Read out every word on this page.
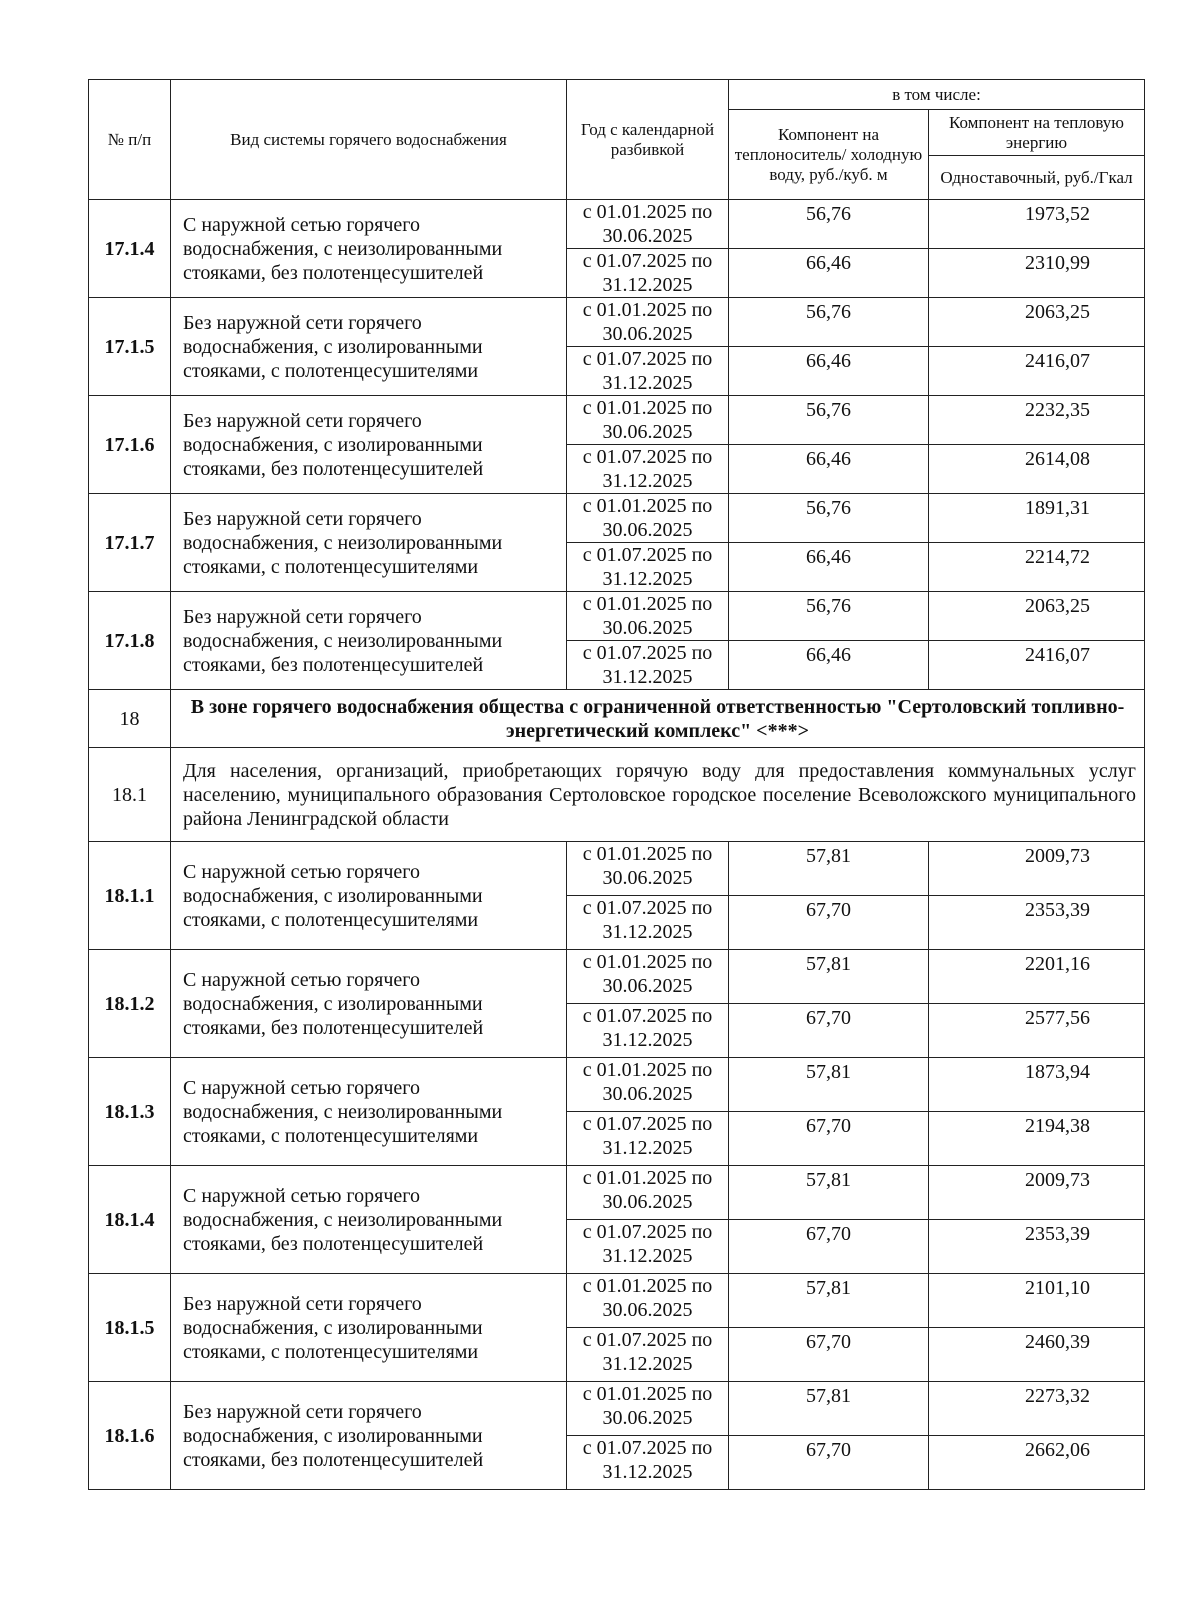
№ п/п	Вид системы горячего водоснабжения	Год с календарной разбивкой	в том числе:	
			Компонент на теплоноситель/ холодную воду, руб./куб. м	Компонент на тепловую энергию
				Одноставочный, руб./Гкал
17.1.4	С наружной сетью горячего водоснабжения, с неизолированными стояками, без полотенцесушителей	с 01.01.2025 по 30.06.2025	56,76	1973,52
		с 01.07.2025 по 31.12.2025	66,46	2310,99
17.1.5	Без наружной сети горячего водоснабжения, с изолированными стояками, с полотенцесушителями	с 01.01.2025 по 30.06.2025	56,76	2063,25
		с 01.07.2025 по 31.12.2025	66,46	2416,07
17.1.6	Без наружной сети горячего водоснабжения, с изолированными стояками, без полотенцесушителей	с 01.01.2025 по 30.06.2025	56,76	2232,35
		с 01.07.2025 по 31.12.2025	66,46	2614,08
17.1.7	Без наружной сети горячего водоснабжения, с неизолированными стояками, с полотенцесушителями	с 01.01.2025 по 30.06.2025	56,76	1891,31
		с 01.07.2025 по 31.12.2025	66,46	2214,72
17.1.8	Без наружной сети горячего водоснабжения, с неизолированными стояками, без полотенцесушителей	с 01.01.2025 по 30.06.2025	56,76	2063,25
		с 01.07.2025 по 31.12.2025	66,46	2416,07
18	В зоне горячего водоснабжения общества с ограниченной ответственностью "Сертоловский топливно-энергетический комплекс" <***>			
18.1	Для населения, организаций, приобретающих горячую воду для предоставления коммунальных услуг населению, муниципального образования Сертоловское городское поселение Всеволожского муниципального района Ленинградской области			
18.1.1	С наружной сетью горячего водоснабжения, с изолированными стояками, с полотенцесушителями	с 01.01.2025 по 30.06.2025	57,81	2009,73
		с 01.07.2025 по 31.12.2025	67,70	2353,39
18.1.2	С наружной сетью горячего водоснабжения, с изолированными стояками, без полотенцесушителей	с 01.01.2025 по 30.06.2025	57,81	2201,16
		с 01.07.2025 по 31.12.2025	67,70	2577,56
18.1.3	С наружной сетью горячего водоснабжения, с неизолированными стояками, с полотенцесушителями	с 01.01.2025 по 30.06.2025	57,81	1873,94
		с 01.07.2025 по 31.12.2025	67,70	2194,38
18.1.4	С наружной сетью горячего водоснабжения, с неизолированными стояками, без полотенцесушителей	с 01.01.2025 по 30.06.2025	57,81	2009,73
		с 01.07.2025 по 31.12.2025	67,70	2353,39
18.1.5	Без наружной сети горячего водоснабжения, с изолированными стояками, с полотенцесушителями	с 01.01.2025 по 30.06.2025	57,81	2101,10
		с 01.07.2025 по 31.12.2025	67,70	2460,39
18.1.6	Без наружной сети горячего водоснабжения, с изолированными стояками, без полотенцесушителей	с 01.01.2025 по 30.06.2025	57,81	2273,32
		с 01.07.2025 по 31.12.2025	67,70	2662,06
